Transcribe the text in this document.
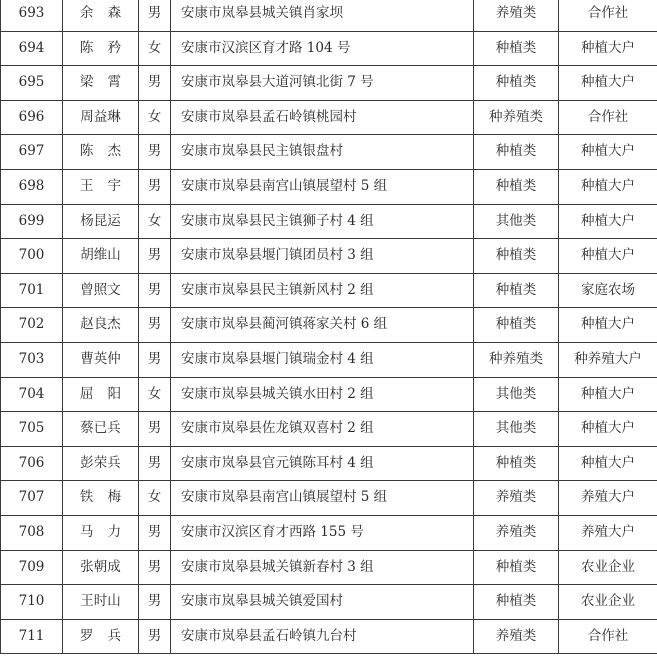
693	余森	男	安康市岚皋县城关镇肖家坝	养殖类	合作社
694	陈矜	女	安康市汉滨区育才路 104 号	种植类	种植大户
695	梁霄	男	安康市岚皋县大道河镇北街 7 号	种植类	种植大户
696	周益琳	女	安康市岚皋县孟石岭镇桃园村	种养殖类	合作社
697	陈杰	男	安康市岚皋县民主镇银盘村	种植类	种植大户
698	王宇	男	安康市岚皋县南宫山镇展望村 5 组	种植类	种植大户
699	杨昆运	女	安康市岚皋县民主镇狮子村 4 组	其他类	种植大户
700	胡维山	男	安康市岚皋县堰门镇团员村 3 组	种植类	种植大户
701	曾照文	男	安康市岚皋县民主镇新风村 2 组	种植类	家庭农场
702	赵良杰	男	安康市岚皋县蔺河镇蒋家关村 6 组	种植类	种植大户
703	曹英仲	男	安康市岚皋县堰门镇瑞金村 4 组	种养殖类	种养殖大户
704	屈阳	女	安康市岚皋县城关镇水田村 2 组	其他类	种植大户
705	蔡已兵	男	安康市岚皋县佐龙镇双喜村 2 组	其他类	种植大户
706	彭荣兵	男	安康市岚皋县官元镇陈耳村 4 组	种植类	种植大户
707	铁梅	女	安康市岚皋县南宫山镇展望村 5 组	养殖类	养殖大户
708	马力	男	安康市汉滨区育才西路 155 号	养殖类	养殖大户
709	张朝成	男	安康市岚皋县城关镇新春村 3 组	种植类	农业企业
710	王时山	男	安康市岚皋县城关镇爱国村	种植类	农业企业
711	罗兵	男	安康市岚皋县孟石岭镇九台村	养殖类	合作社
